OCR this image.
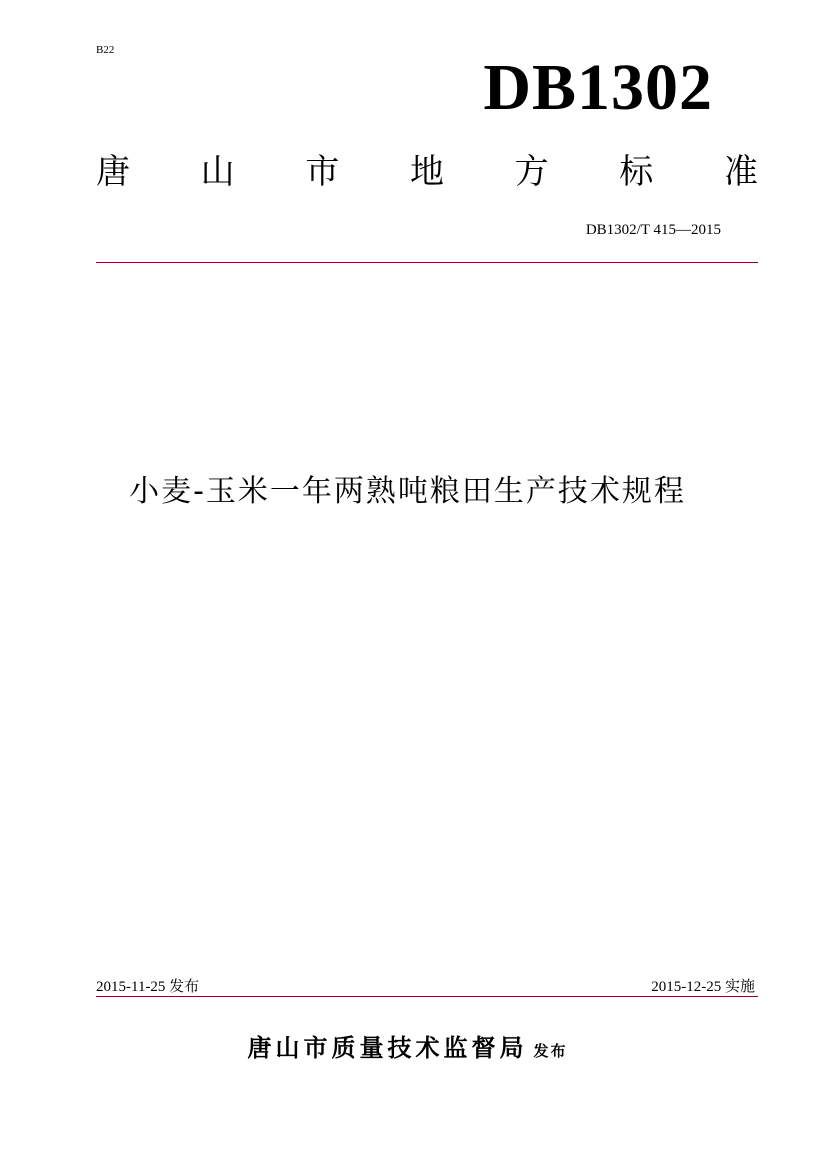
B22
DB1302
唐 山 市 地 方 标 准
DB1302/T 415—2015
小麦-玉米一年两熟吨粮田生产技术规程
2015-11-25 发布	2015-12-25 实施
唐山市质量技术监督局 发布
